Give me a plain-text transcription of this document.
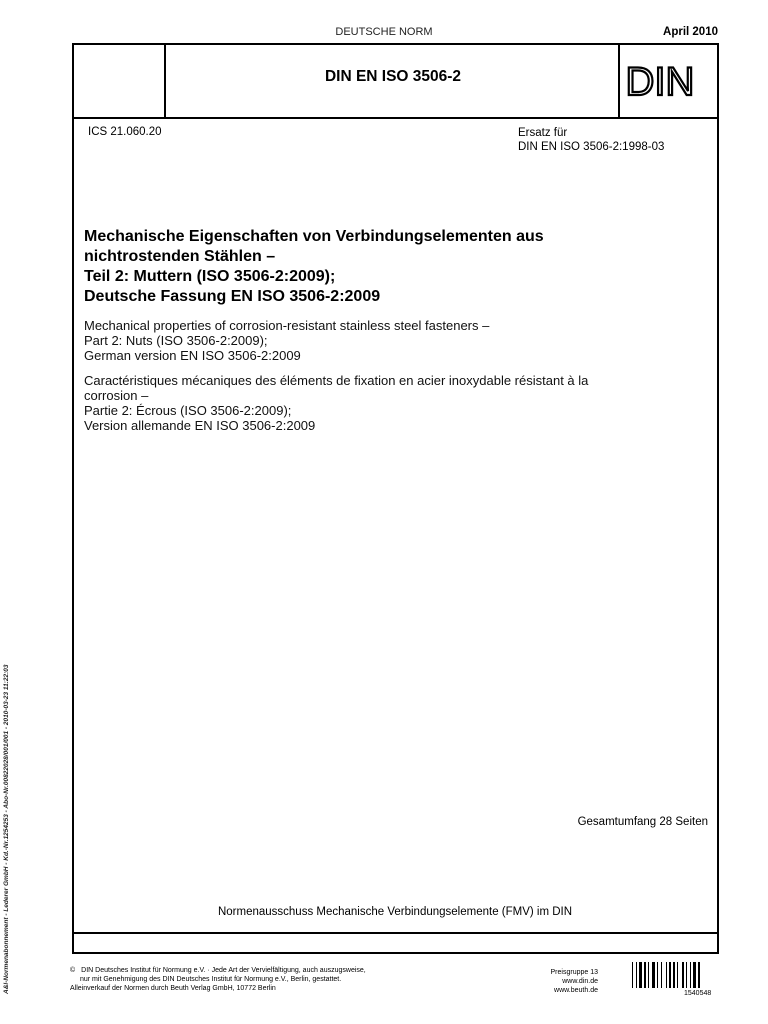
DEUTSCHE NORM	April 2010
DIN EN ISO 3506-2	DIN
ICS 21.060.20	Ersatz für
DIN EN ISO 3506-2:1998-03
Mechanische Eigenschaften von Verbindungselementen aus
nichtrostenden Stählen –
Teil 2: Muttern (ISO 3506-2:2009);
Deutsche Fassung EN ISO 3506-2:2009
Mechanical properties of corrosion-resistant stainless steel fasteners –
Part 2: Nuts (ISO 3506-2:2009);
German version EN ISO 3506-2:2009
Caractéristiques mécaniques des éléments de fixation en acier inoxydable résistant à la
corrosion –
Partie 2: Écrous (ISO 3506-2:2009);
Version allemande EN ISO 3506-2:2009
Gesamtumfang 28 Seiten
Normenausschuss Mechanische Verbindungselemente (FMV) im DIN
A&I-Normenabonnement - Lederer GmbH - Kd.-Nr.1254253 - Abo-Nr.00822028/001/001 - 2010-03-23 11:22:03	© DIN Deutsches Institut für Normung e.V. · Jede Art der Vervielfältigung, auch auszugsweise,
nur mit Genehmigung des DIN Deutsches Institut für Normung e.V., Berlin, gestattet.
Alleinverkauf der Normen durch Beuth Verlag GmbH, 10772 Berlin
Preisgruppe 13
www.din.de
www.beuth.de	1540548
